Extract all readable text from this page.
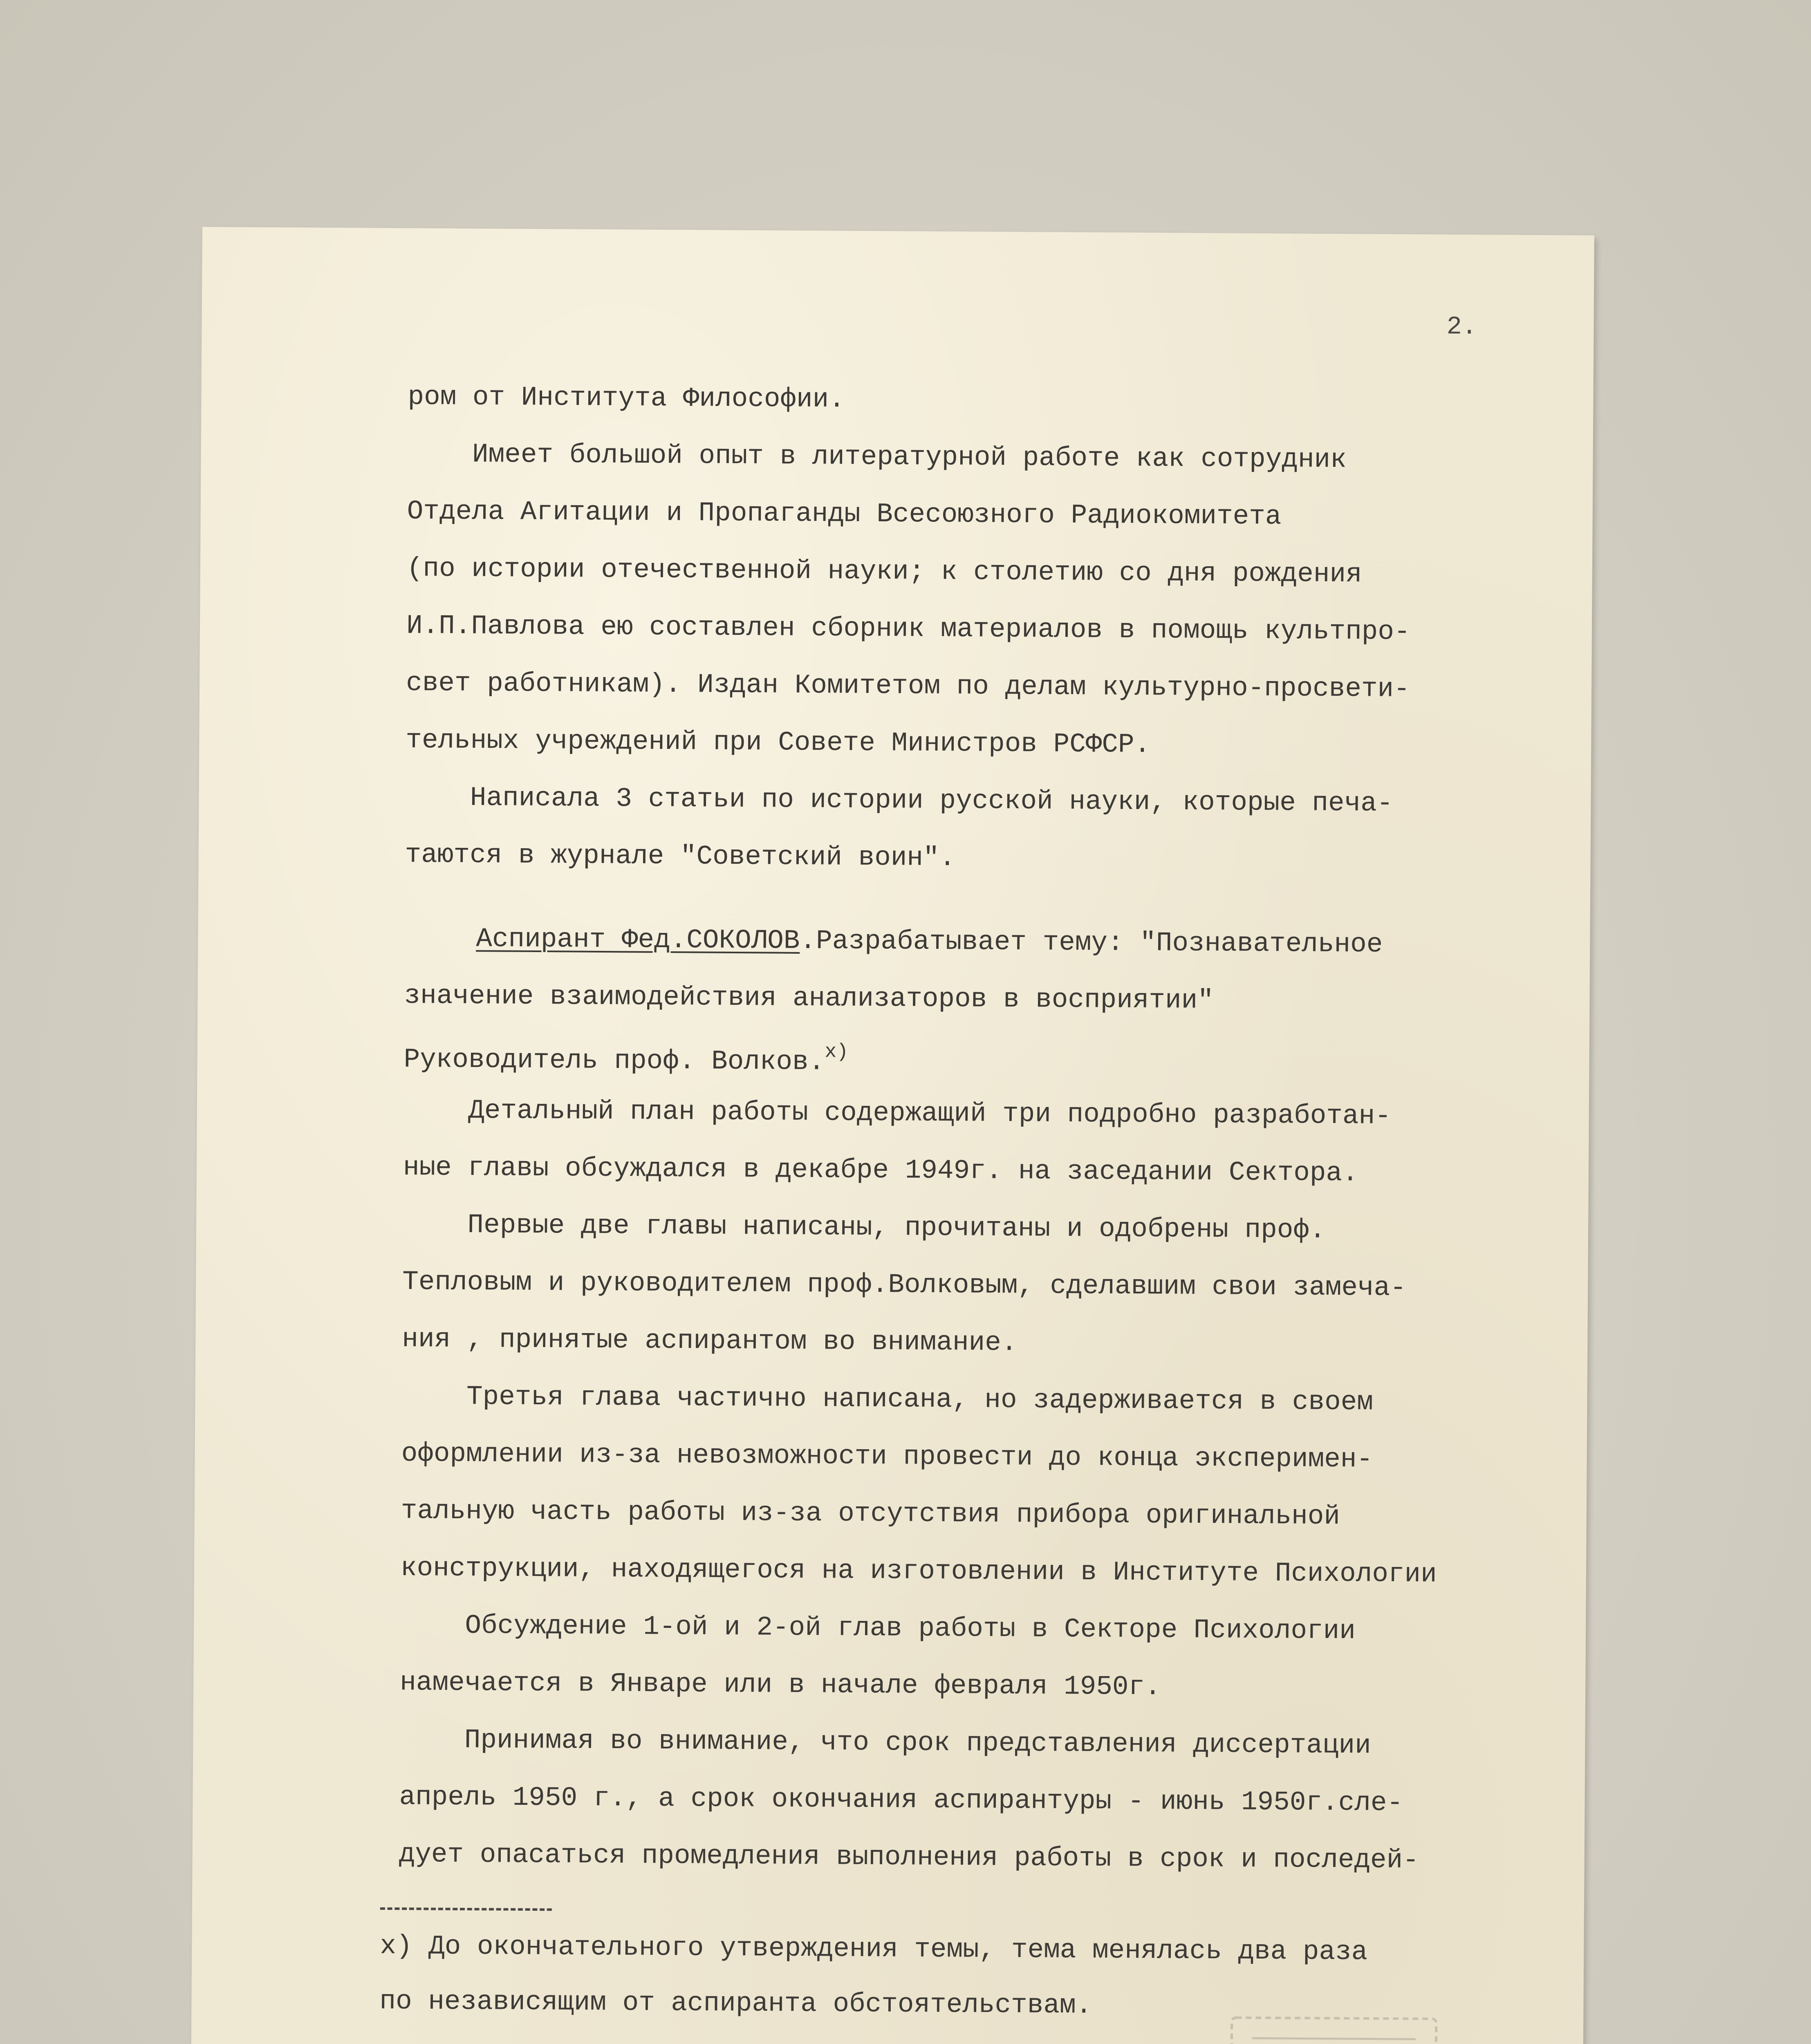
2.
ром от Института Философии.
Имеет большой опыт в литературной работе как сотрудник
Отдела Агитации и Пропаганды Всесоюзного Радиокомитета
(по истории отечественной науки; к столетию со дня рождения
И.П.Павлова ею составлен сборник материалов в помощь культпро-
свет работникам). Издан Комитетом по делам культурно-просвети-
тельных учреждений при Совете Министров РСФСР.
Написала 3 статьи по истории русской науки, которые печа-
таются в журнале "Советский воин".
Аспирант Фед.СОКОЛОВ.Разрабатывает тему: "Познавательное
значение взаимодействия анализаторов в восприятии"
Руководитель проф. Волков.$^{x)}$
Детальный план работы содержащий три подробно разработан-
ные главы обсуждался в декабре 1949г. на заседании Сектора.
Первые две главы написаны, прочитаны и одобрены проф.
Тепловым и руководителем проф.Волковым, сделавшим свои замеча-
ния , принятые аспирантом во внимание.
Третья глава частично написана, но задерживается в своем
оформлении из-за невозможности провести до конца эксперимен-
тальную часть работы из-за отсутствия прибора оригинальной
конструкции, находящегося на изготовлении в Институте Психологии
Обсуждение 1-ой и 2-ой глав работы в Секторе Психологии
намечается в Январе или в начале февраля 1950г.
Принимая во внимание, что срок представления диссертации
апрель 1950 г., а срок окончания аспирантуры - июнь 1950г.сле-
дует опасаться промедления выполнения работы в срок и последей-
x) До окончательного утверждения темы, тема менялась два раза
по независящим от аспиранта обстоятельствам.
